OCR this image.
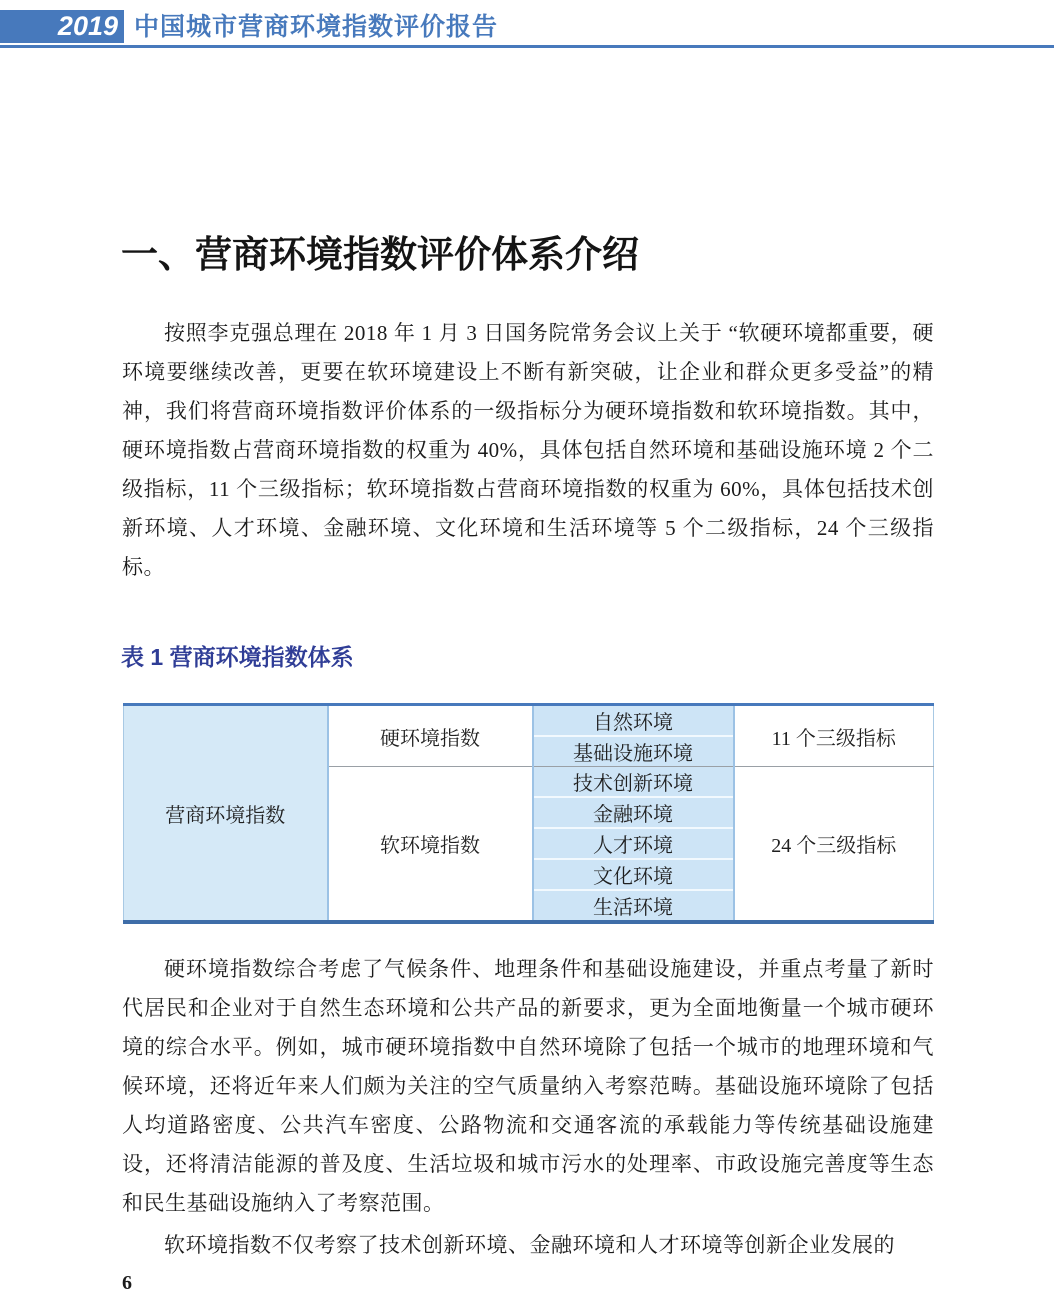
2019 中国城市营商环境指数评价报告
一、营商环境指数评价体系介绍
按照李克强总理在 2018 年 1 月 3 日国务院常务会议上关于 “软硬环境都重要，硬环境要继续改善，更要在软环境建设上不断有新突破，让企业和群众更多受益”的精神，我们将营商环境指数评价体系的一级指标分为硬环境指数和软环境指数。其中，硬环境指数占营商环境指数的权重为 40%，具体包括自然环境和基础设施环境 2 个二级指标，11 个三级指标；软环境指数占营商环境指数的权重为 60%，具体包括技术创新环境、人才环境、金融环境、文化环境和生活环境等 5 个二级指标，24 个三级指标。
表 1 营商环境指数体系
营商环境指数	硬环境指数	自然环境	11 个三级指标
		基础设施环境	
	软环境指数	技术创新环境	24 个三级指标
		金融环境	
		人才环境	
		文化环境	
		生活环境	
硬环境指数综合考虑了气候条件、地理条件和基础设施建设，并重点考量了新时代居民和企业对于自然生态环境和公共产品的新要求，更为全面地衡量一个城市硬环境的综合水平。例如，城市硬环境指数中自然环境除了包括一个城市的地理环境和气候环境，还将近年来人们颇为关注的空气质量纳入考察范畴。基础设施环境除了包括人均道路密度、公共汽车密度、公路物流和交通客流的承载能力等传统基础设施建设，还将清洁能源的普及度、生活垃圾和城市污水的处理率、市政设施完善度等生态和民生基础设施纳入了考察范围。
软环境指数不仅考察了技术创新环境、金融环境和人才环境等创新企业发展的
6
